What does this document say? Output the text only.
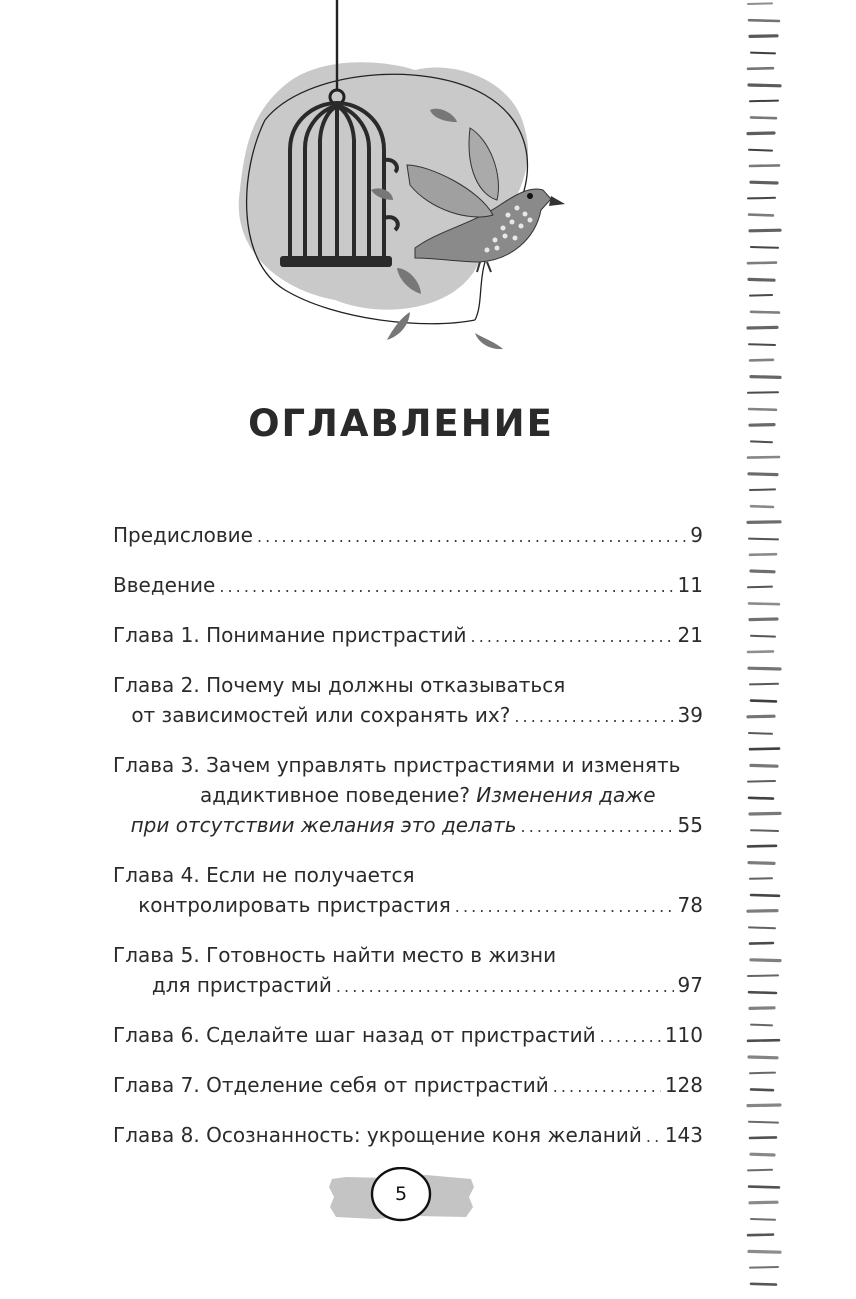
ОГЛАВЛЕНИЕ
Предисловие . . .	9
Введение . . .	11
Глава 1. Понимание пристрастий . . .	21
Глава 2. Почему мы должны отказываться
от зависимостей или сохранять их? . . .	39
Глава 3. Зачем управлять пристрастиями и изменять
аддиктивное поведение?
Изменения даже
при отсутствии желания это делать . . .	55
Глава 4. Если не получается
контролировать пристрастия . . .	78
Глава 5. Готовность найти место в жизни
для пристрастий . . .	97
Глава 6. Сделайте шаг назад от пристрастий . . .	110
Глава 7. Отделение себя от пристрастий . . .	128
Глава 8. Осознанность: укрощение коня желаний . . . 143
5
